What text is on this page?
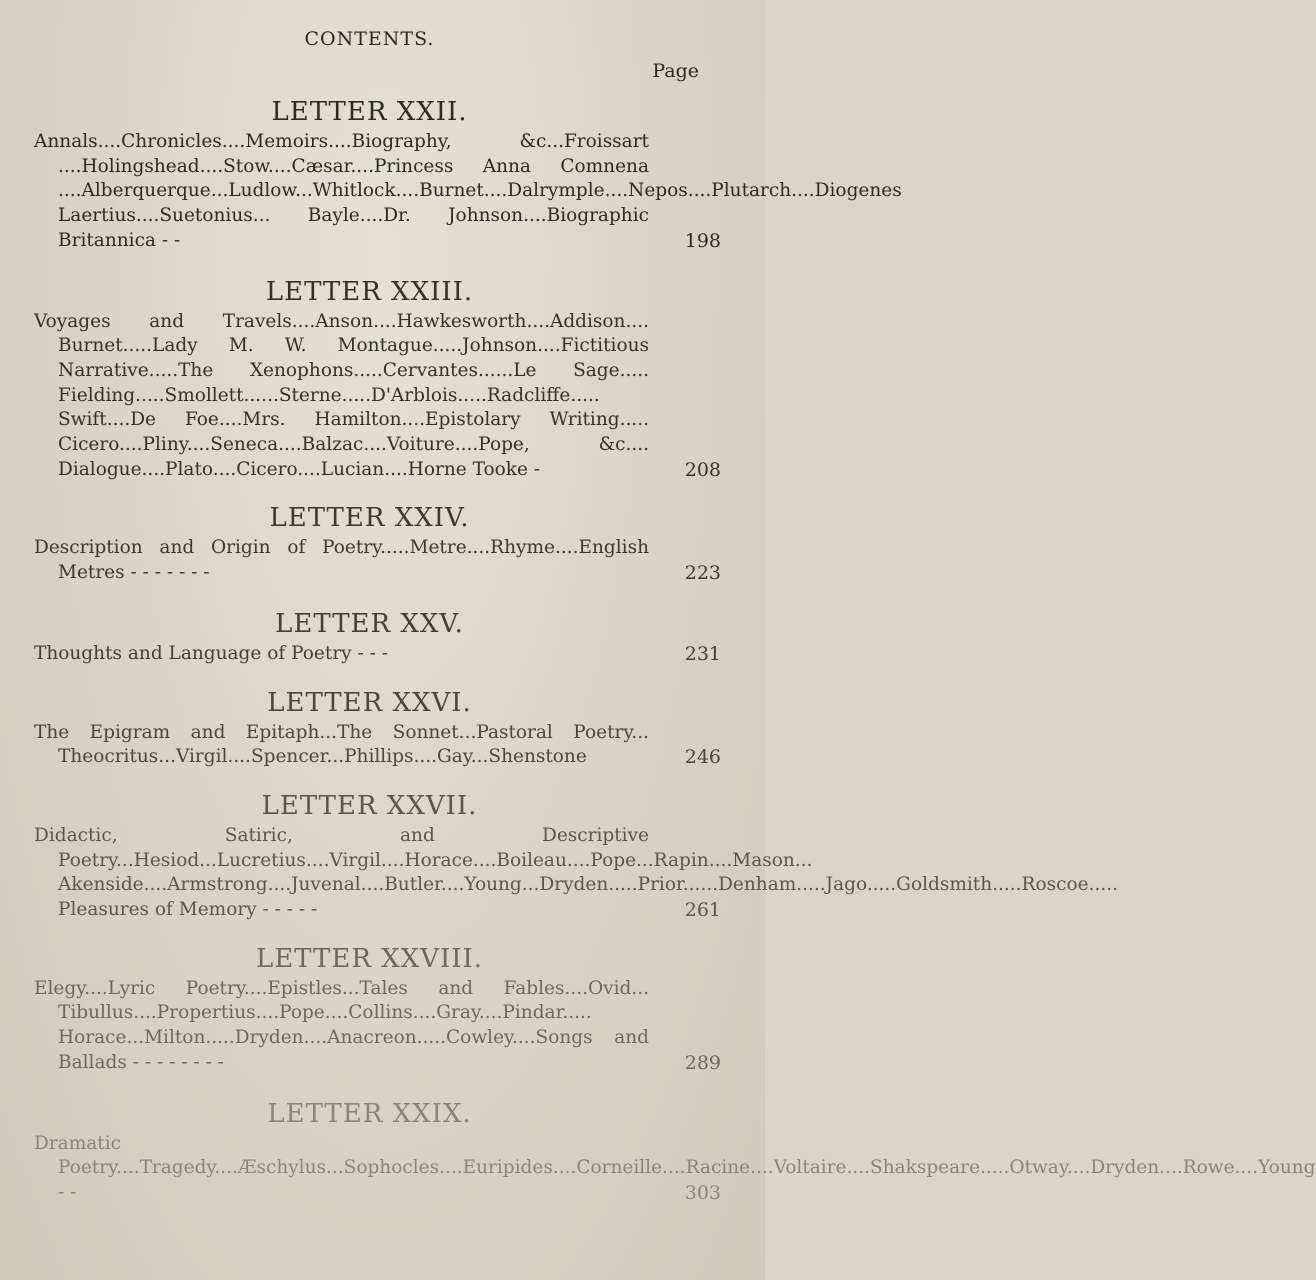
CONTENTS.
Page
LETTER XXII.
Annals....Chronicles....Memoirs....Biography, &c...Froissart ....Holingshead....Stow....Cæsar....Princess Anna Comnena ....Alberquerque...Ludlow...Whitlock....Burnet....Dalrymple....Nepos....Plutarch....Diogenes Laertius....Suetonius... Bayle....Dr. Johnson....Biographic Britannica - -	198
LETTER XXIII.
Voyages and Travels....Anson....Hawkesworth....Addison.... Burnet.....Lady M. W. Montague.....Johnson....Fictitious Narrative.....The Xenophons.....Cervantes......Le Sage..... Fielding.....Smollett......Sterne.....D'Arblois.....Radcliffe..... Swift....De Foe....Mrs. Hamilton....Epistolary Writing..... Cicero....Pliny....Seneca....Balzac....Voiture....Pope, &c.... Dialogue....Plato....Cicero....Lucian....Horne Tooke -	208
LETTER XXIV.
Description and Origin of Poetry.....Metre....Rhyme....English Metres - - - - - - -	223
LETTER XXV.
Thoughts and Language of Poetry - - -	231
LETTER XXVI.
The Epigram and Epitaph...The Sonnet...Pastoral Poetry... Theocritus...Virgil....Spencer...Phillips....Gay...Shenstone	246
LETTER XXVII.
Didactic, Satiric, and Descriptive Poetry...Hesiod...Lucretius....Virgil....Horace....Boileau....Pope...Rapin....Mason... Akenside....Armstrong....Juvenal....Butler....Young...Dryden.....Prior......Denham.....Jago.....Goldsmith.....Roscoe..... Pleasures of Memory - - - - -	261
LETTER XXVIII.
Elegy....Lyric Poetry....Epistles...Tales and Fables....Ovid... Tibullus....Propertius....Pope....Collins....Gray....Pindar..... Horace...Milton.....Dryden....Anacreon.....Cowley....Songs and Ballads - - - - - - - -	289
LETTER XXIX.
Dramatic Poetry....Tragedy....Æschylus...Sophocles....Euripides....Corneille....Racine....Voltaire....Shakspeare.....Otway....Dryden....Rowe....Young - -	303
